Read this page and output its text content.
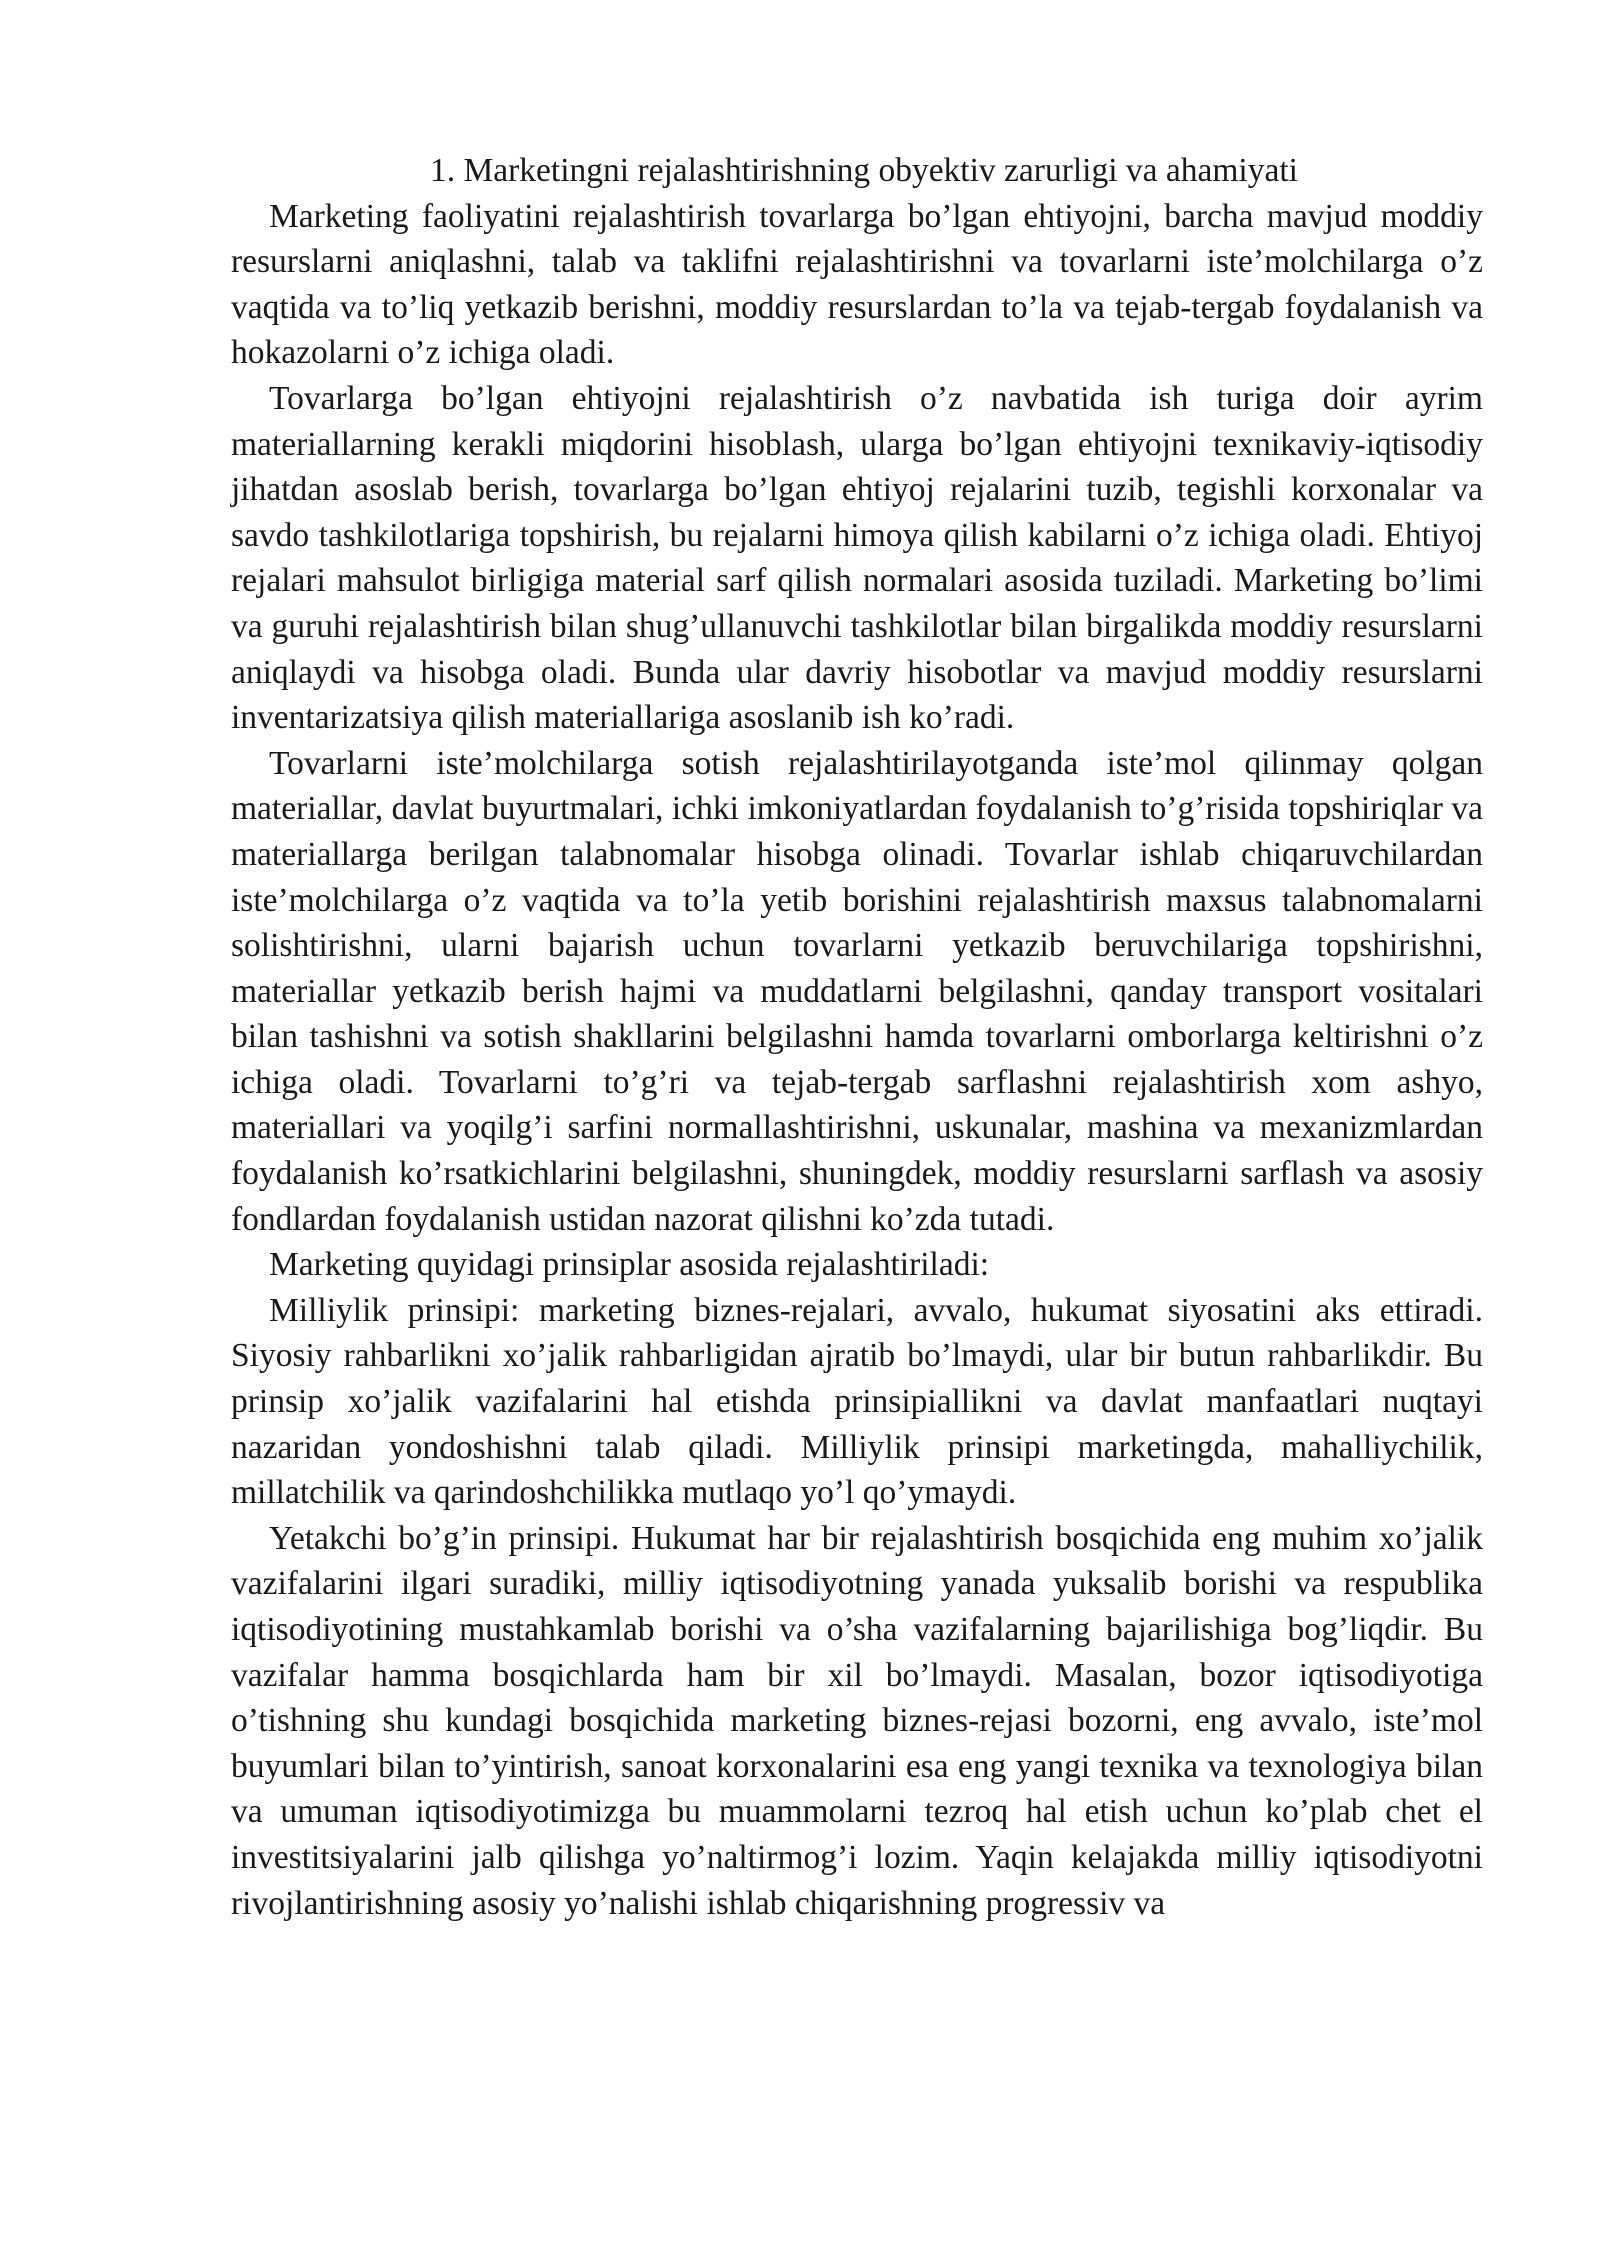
1. Marketingni rejalashtirishning obyektiv zarurligi va ahamiyati

Marketing faoliyatini rejalashtirish tovarlarga bo’lgan ehtiyojni, barcha mavjud moddiy resurslarni aniqlashni, talab va taklifni rejalashtirishni va tovarlarni iste’molchilarga o’z vaqtida va to’liq yetkazib berishni, moddiy resurslardan to’la va tejab-tergab foydalanish va hokazolarni o’z ichiga oladi.

Tovarlarga bo’lgan ehtiyojni rejalashtirish o’z navbatida ish turiga doir ayrim materiallarning kerakli miqdorini hisoblash, ularga bo’lgan ehtiyojni texnikaviy-iqtisodiy jihatdan asoslab berish, tovarlarga bo’lgan ehtiyoj rejalarini tuzib, tegishli korxonalar va savdo tashkilotlariga topshirish, bu rejalarni himoya qilish kabilarni o’z ichiga oladi. Ehtiyoj rejalari mahsulot birligiga material sarf qilish normalari asosida tuziladi. Marketing bo’limi va guruhi rejalashtirish bilan shug’ullanuvchi tashkilotlar bilan birgalikda moddiy resurslarni aniqlaydi va hisobga oladi. Bunda ular davriy hisobotlar va mavjud moddiy resurslarni inventarizatsiya qilish materiallariga asoslanib ish ko’radi.

Tovarlarni iste’molchilarga sotish rejalashtirilayotganda iste’mol qilinmay qolgan materiallar, davlat buyurtmalari, ichki imkoniyatlardan foydalanish to’g’risida topshiriqlar va materiallarga berilgan talabnomalar hisobga olinadi. Tovarlar ishlab chiqaruvchilardan iste’molchilarga o’z vaqtida va to’la yetib borishini rejalashtirish maxsus talabnomalarni solishtirishni, ularni bajarish uchun tovarlarni yetkazib beruvchilariga topshirishni, materiallar yetkazib berish hajmi va muddatlarni belgilashni, qanday transport vositalari bilan tashishni va sotish shakllarini belgilashni hamda tovarlarni omborlarga keltirishni o’z ichiga oladi. Tovarlarni to’g’ri va tejab-tergab sarflashni rejalashtirish xom ashyo, materiallari va yoqilg’i sarfini normallashtirishni, uskunalar, mashina va mexanizmlardan foydalanish ko’rsatkichlarini belgilashni, shuningdek, moddiy resurslarni sarflash va asosiy fondlardan foydalanish ustidan nazorat qilishni ko’zda tutadi.

Marketing quyidagi prinsiplar asosida rejalashtiriladi:

Milliylik prinsipi: marketing biznes-rejalari, avvalo, hukumat siyosatini aks ettiradi. Siyosiy rahbarlikni xo’jalik rahbarligidan ajratib bo’lmaydi, ular bir butun rahbarlikdir. Bu prinsip xo’jalik vazifalarini hal etishda prinsipiallikni va davlat manfaatlari nuqtayi nazaridan yondoshishni talab qiladi. Milliylik prinsipi marketingda, mahalliychilik, millatchilik va qarindoshchilikka mutlaqo yo’l qo’ymaydi.

Yetakchi bo’g’in prinsipi. Hukumat har bir rejalashtirish bosqichida eng muhim xo’jalik vazifalarini ilgari suradiki, milliy iqtisodiyotning yanada yuksalib borishi va respublika iqtisodiyotining mustahkamlab borishi va o’sha vazifalarning bajarilishiga bog’liqdir. Bu vazifalar hamma bosqichlarda ham bir xil bo’lmaydi. Masalan, bozor iqtisodiyotiga o’tishning shu kundagi bosqichida marketing biznes-rejasi bozorni, eng avvalo, iste’mol buyumlari bilan to’yintirish, sanoat korxonalarini esa eng yangi texnika va texnologiya bilan va umuman iqtisodiyotimizga bu muammolarni tezroq hal etish uchun ko’plab chet el investitsiyalarini jalb qilishga yo’naltirmog’i lozim. Yaqin kelajakda milliy iqtisodiyotni rivojlantirishning asosiy yo’nalishi ishlab chiqarishning progressiv va
